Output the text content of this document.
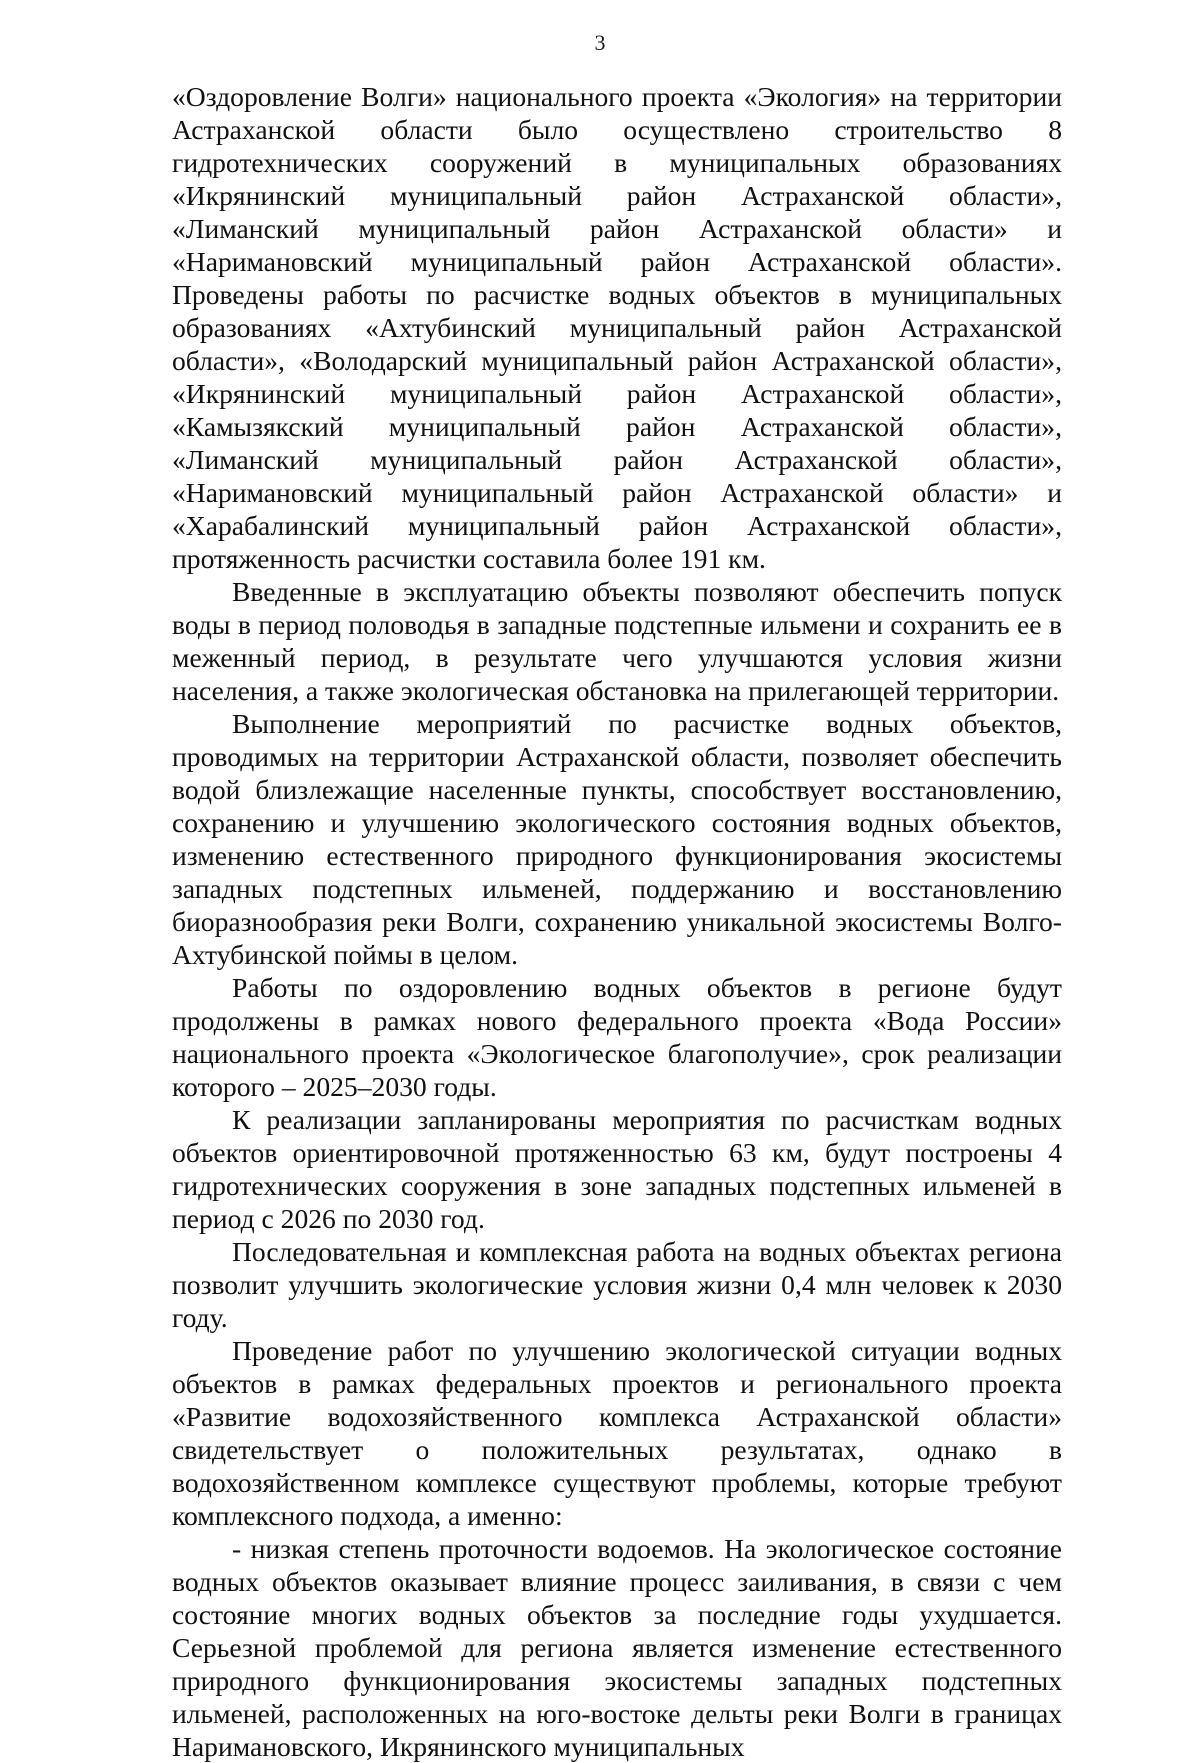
3

«Оздоровление Волги» национального проекта «Экология» на территории Астраханской области было осуществлено строительство 8 гидротехнических сооружений в муниципальных образованиях «Икрянинский муниципальный район Астраханской области», «Лиманский муниципальный район Астраханской области» и «Наримановский муниципальный район Астраханской области». Проведены работы по расчистке водных объектов в муниципальных образованиях «Ахтубинский муниципальный район Астраханской области», «Володарский муниципальный район Астраханской области», «Икрянинский муниципальный район Астраханской области», «Камызякский муниципальный район Астраханской области», «Лиманский муниципальный район Астраханской области», «Наримановский муниципальный район Астраханской области» и «Харабалинский муниципальный район Астраханской области», протяженность расчистки составила более 191 км.

Введенные в эксплуатацию объекты позволяют обеспечить попуск воды в период половодья в западные подстепные ильмени и сохранить ее в меженный период, в результате чего улучшаются условия жизни населения, а также экологическая обстановка на прилегающей территории.

Выполнение мероприятий по расчистке водных объектов, проводимых на территории Астраханской области, позволяет обеспечить водой близлежащие населенные пункты, способствует восстановлению, сохранению и улучшению экологического состояния водных объектов, изменению естественного природного функционирования экосистемы западных подстепных ильменей, поддержанию и восстановлению биоразнообразия реки Волги, сохранению уникальной экосистемы Волго-Ахтубинской поймы в целом.

Работы по оздоровлению водных объектов в регионе будут продолжены в рамках нового федерального проекта «Вода России» национального проекта «Экологическое благополучие», срок реализации которого – 2025–2030 годы.

К реализации запланированы мероприятия по расчисткам водных объектов ориентировочной протяженностью 63 км, будут построены 4 гидротехнических сооружения в зоне западных подстепных ильменей в период с 2026 по 2030 год.

Последовательная и комплексная работа на водных объектах региона позволит улучшить экологические условия жизни 0,4 млн человек к 2030 году.

Проведение работ по улучшению экологической ситуации водных объектов в рамках федеральных проектов и регионального проекта «Развитие водохозяйственного комплекса Астраханской области» свидетельствует о положительных результатах, однако в водохозяйственном комплексе существуют проблемы, которые требуют комплексного подхода, а именно:

- низкая степень проточности водоемов. На экологическое состояние водных объектов оказывает влияние процесс заиливания, в связи с чем состояние многих водных объектов за последние годы ухудшается. Серьезной проблемой для региона является изменение естественного природного функционирования экосистемы западных подстепных ильменей, расположенных на юго-востоке дельты реки Волги в границах Наримановского, Икрянинского муниципальных
